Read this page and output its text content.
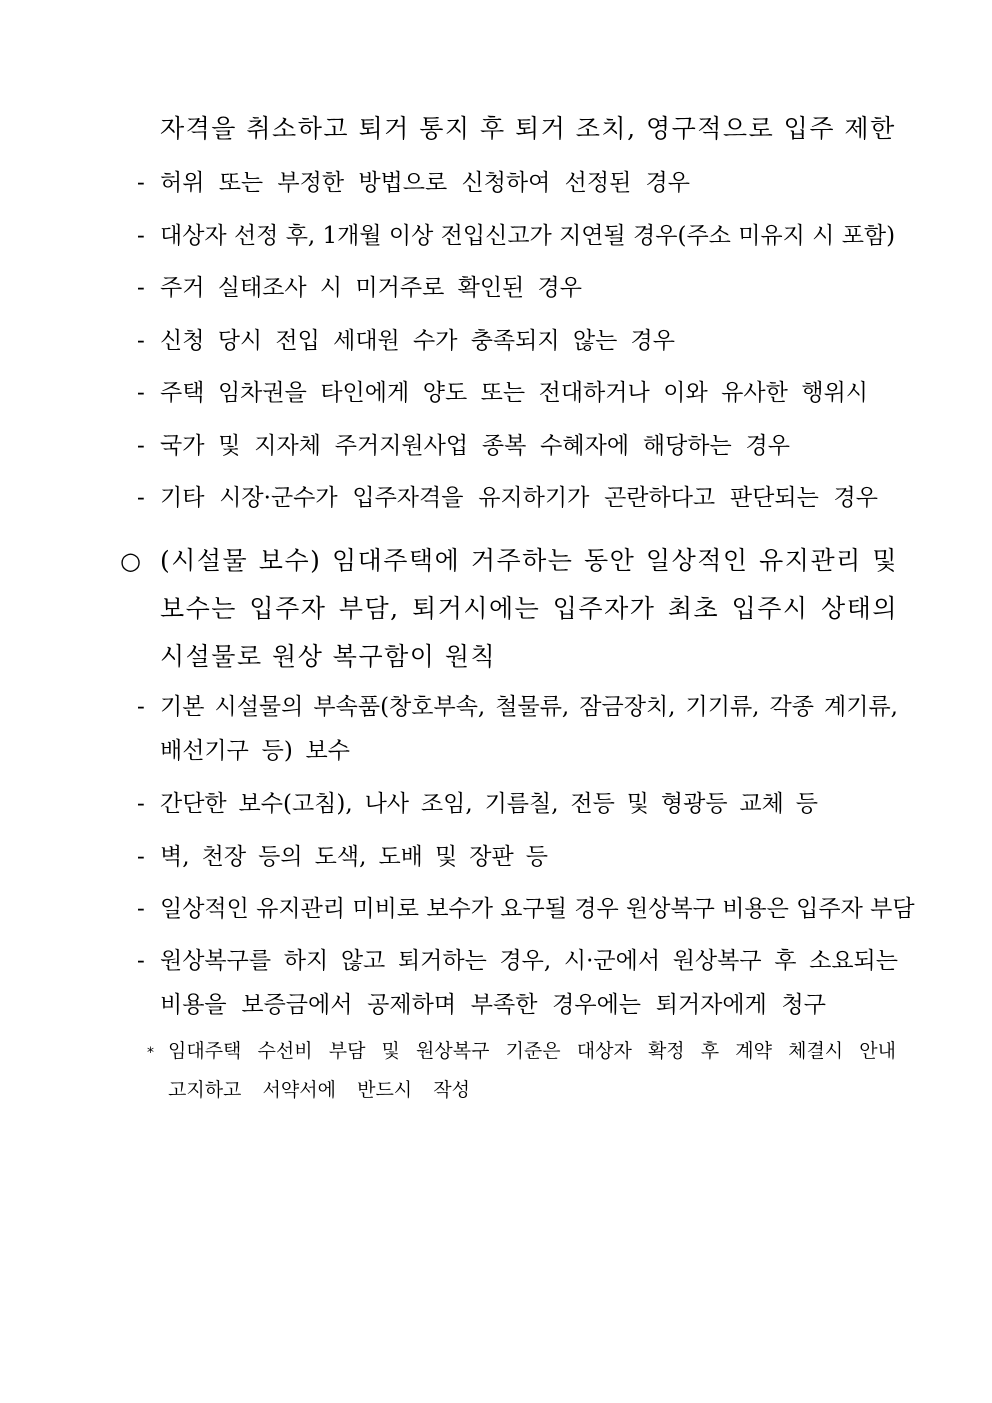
자격을 취소하고 퇴거 통지 후 퇴거 조치, 영구적으로 입주 제한
- 허위 또는 부정한 방법으로 신청하여 선정된 경우
- 대상자 선정 후, 1개월 이상 전입신고가 지연될 경우(주소 미유지 시 포함)
- 주거 실태조사 시 미거주로 확인된 경우
- 신청 당시 전입 세대원 수가 충족되지 않는 경우
- 주택 임차권을 타인에게 양도 또는 전대하거나 이와 유사한 행위시
- 국가 및 지자체 주거지원사업 종복 수혜자에 해당하는 경우
- 기타 시장·군수가 입주자격을 유지하기가 곤란하다고 판단되는 경우
○ (시설물 보수) 임대주택에 거주하는 동안 일상적인 유지관리 및
보수는 입주자 부담, 퇴거시에는 입주자가 최초 입주시 상태의
시설물로 원상 복구함이 원칙
- 기본 시설물의 부속품(창호부속, 철물류, 잠금장치, 기기류, 각종 계기류,
배선기구 등) 보수
- 간단한 보수(고침), 나사 조임, 기름칠, 전등 및 형광등 교체 등
- 벽, 천장 등의 도색, 도배 및 장판 등
- 일상적인 유지관리 미비로 보수가 요구될 경우 원상복구 비용은 입주자 부담
- 원상복구를 하지 않고 퇴거하는 경우, 시·군에서 원상복구 후 소요되는
비용을 보증금에서 공제하며 부족한 경우에는 퇴거자에게 청구
* 임대주택 수선비 부담 및 원상복구 기준은 대상자 확정 후 계약 체결시 안내
고지하고 서약서에 반드시 작성
